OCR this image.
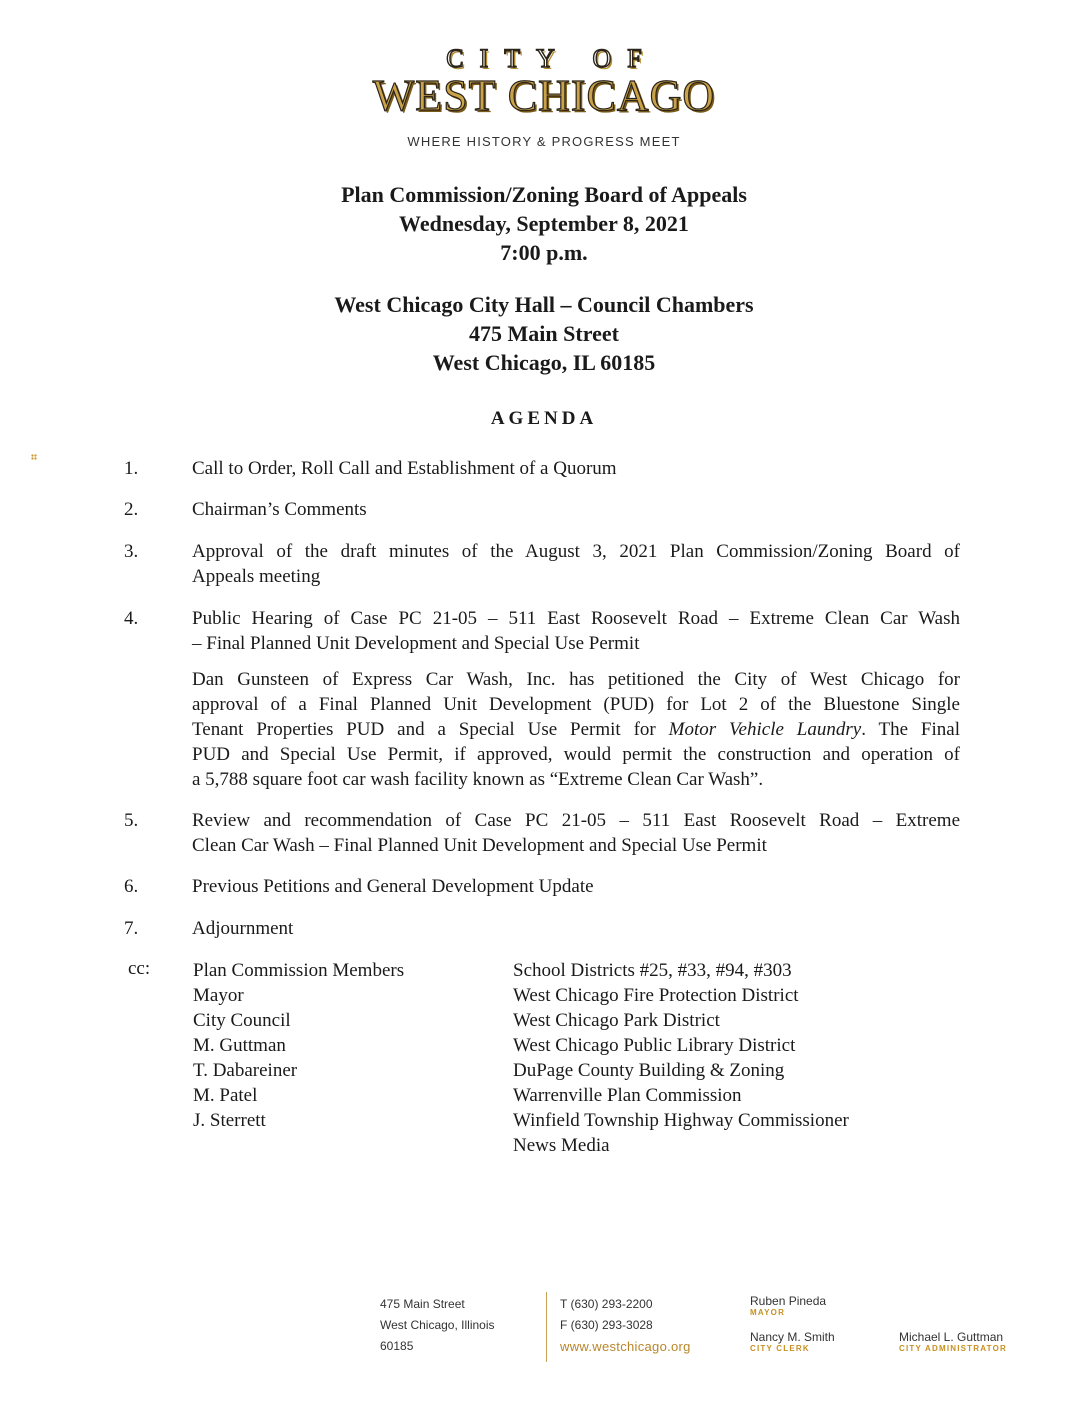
CITY OF
WEST CHICAGO
WHERE HISTORY & PROGRESS MEET
Plan Commission/Zoning Board of Appeals
Wednesday, September 8, 2021
7:00 p.m.
West Chicago City Hall – Council Chambers
475 Main Street
West Chicago, IL 60185
AGENDA
1.	Call to Order, Roll Call and Establishment of a Quorum
2.	Chairman’s Comments
3.	Approval of the draft minutes of the August 3, 2021 Plan Commission/Zoning Board of
Appeals meeting
4.	Public Hearing of Case PC 21-05 – 511 East Roosevelt Road – Extreme Clean Car Wash
– Final Planned Unit Development and Special Use Permit
Dan Gunsteen of Express Car Wash, Inc. has petitioned the City of West Chicago for
approval of a Final Planned Unit Development (PUD) for Lot 2 of the Bluestone Single
Tenant Properties PUD and a Special Use Permit for Motor Vehicle Laundry. The Final
PUD and Special Use Permit, if approved, would permit the construction and operation of
a 5,788 square foot car wash facility known as “Extreme Clean Car Wash”.
5.	Review and recommendation of Case PC 21-05 – 511 East Roosevelt Road – Extreme
Clean Car Wash – Final Planned Unit Development and Special Use Permit
6.	Previous Petitions and General Development Update
7.	Adjournment
cc: Plan Commission Members
Mayor
City Council
M. Guttman
T. Dabareiner
M. Patel
J. Sterrett
School Districts #25, #33, #94, #303
West Chicago Fire Protection District
West Chicago Park District
West Chicago Public Library District
DuPage County Building & Zoning
Warrenville Plan Commission
Winfield Township Highway Commissioner
News Media
475 Main Street
West Chicago, Illinois
60185
T (630) 293-2200
F (630) 293-3028
www.westchicago.org
Ruben Pineda
MAYOR
Nancy M. Smith
CITY CLERK
Michael L. Guttman
CITY ADMINISTRATOR
